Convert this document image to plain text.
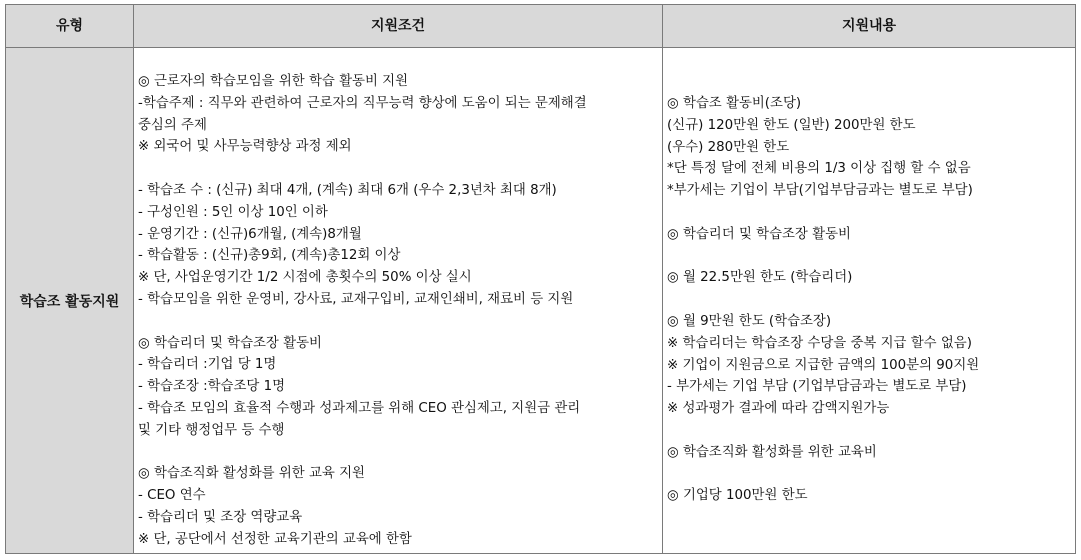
유형	지원조건	지원내용
학습조 활동지원
◎ 근로자의 학습모임을 위한 학습 활동비 지원
-학습주제 : 직무와 관련하여 근로자의 직무능력 향상에 도움이 되는 문제해결
중심의 주제
※ 외국어 및 사무능력향상 과정 제외
- 학습조 수 : (신규) 최대 4개, (계속) 최대 6개 (우수 2,3년차 최대 8개)
- 구성인원 : 5인 이상 10인 이하
- 운영기간 : (신규)6개월, (계속)8개월
- 학습활동 : (신규)총9회, (계속)총12회 이상
※ 단, 사업운영기간 1/2 시점에 총횟수의 50% 이상 실시
- 학습모임을 위한 운영비, 강사료, 교재구입비, 교재인쇄비, 재료비 등 지원
◎ 학습리더 및 학습조장 활동비
- 학습리더 :기업 당 1명
- 학습조장 :학습조당 1명
- 학습조 모임의 효율적 수행과 성과제고를 위해 CEO 관심제고, 지원금 관리
및 기타 행정업무 등 수행
◎ 학습조직화 활성화를 위한 교육 지원
- CEO 연수
- 학습리더 및 조장 역량교육
※ 단, 공단에서 선정한 교육기관의 교육에 한함
◎ 학습조 활동비(조당)
(신규) 120만원 한도 (일반) 200만원 한도
(우수) 280만원 한도
*단 특정 달에 전체 비용의 1/3 이상 집행 할 수 없음
*부가세는 기업이 부담(기업부담금과는 별도로 부담)
◎ 학습리더 및 학습조장 활동비
◎ 월 22.5만원 한도 (학습리더)
◎ 월 9만원 한도 (학습조장)
※ 학습리더는 학습조장 수당을 중복 지급 할수 없음)
※ 기업이 지원금으로 지급한 금액의 100분의 90지원
- 부가세는 기업 부담 (기업부담금과는 별도로 부담)
※ 성과평가 결과에 따라 감액지원가능
◎ 학습조직화 활성화를 위한 교육비
◎ 기업당 100만원 한도
